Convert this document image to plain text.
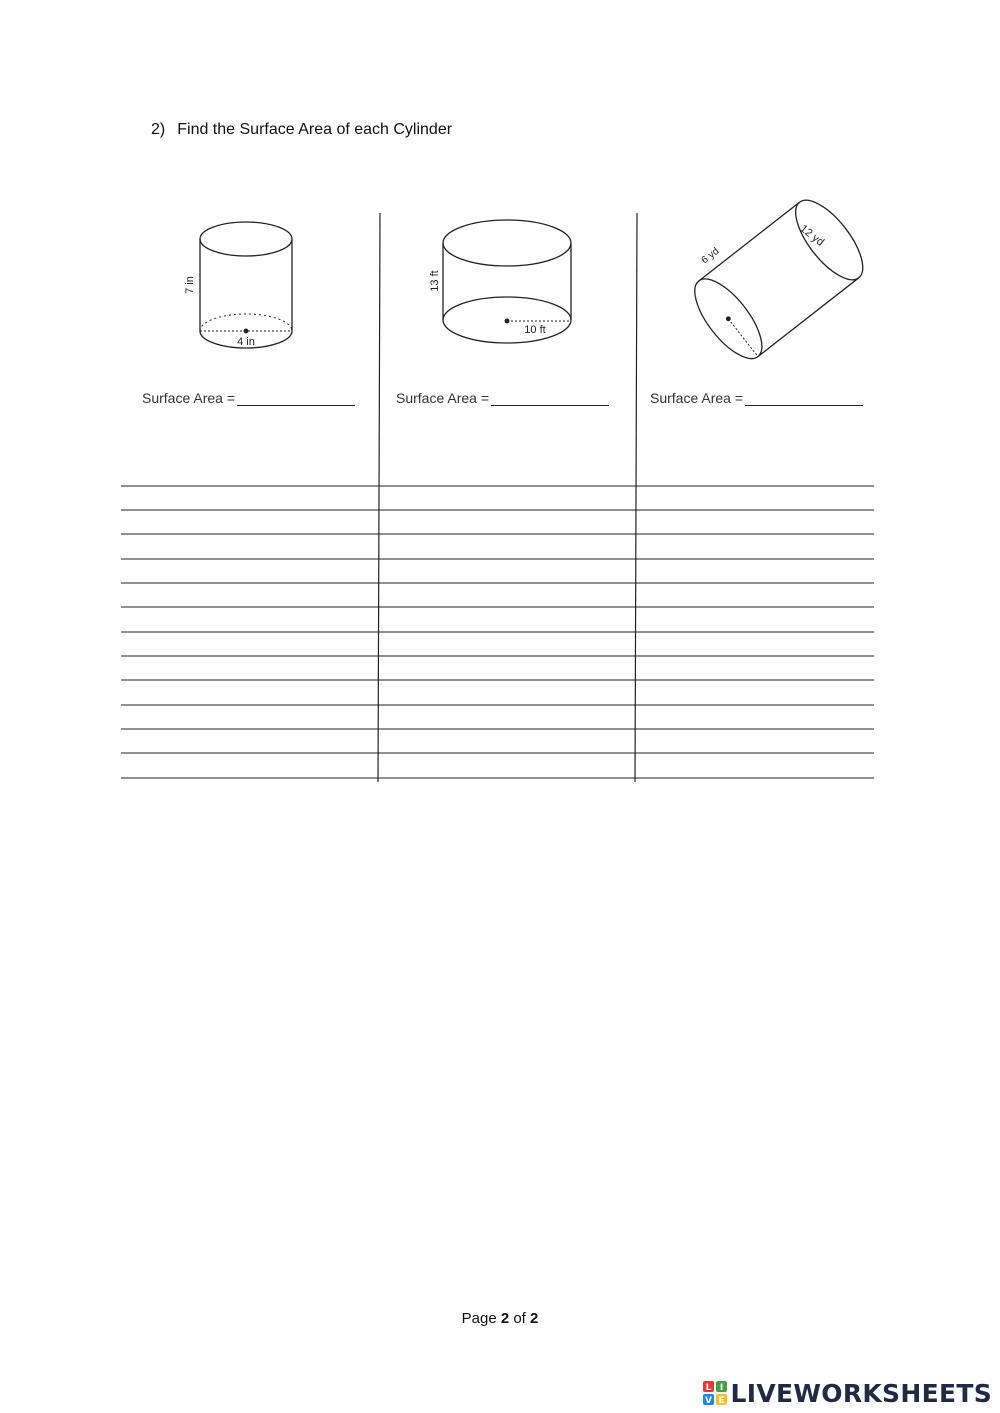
2) Find the Surface Area of each Cylinder
7 in
4 in
13 ft
10 ft
12 yd
6 yd
Surface Area =	Surface Area =	Surface Area =
Page 2 of 2
L I
V E LIVEWORKSHEETS
